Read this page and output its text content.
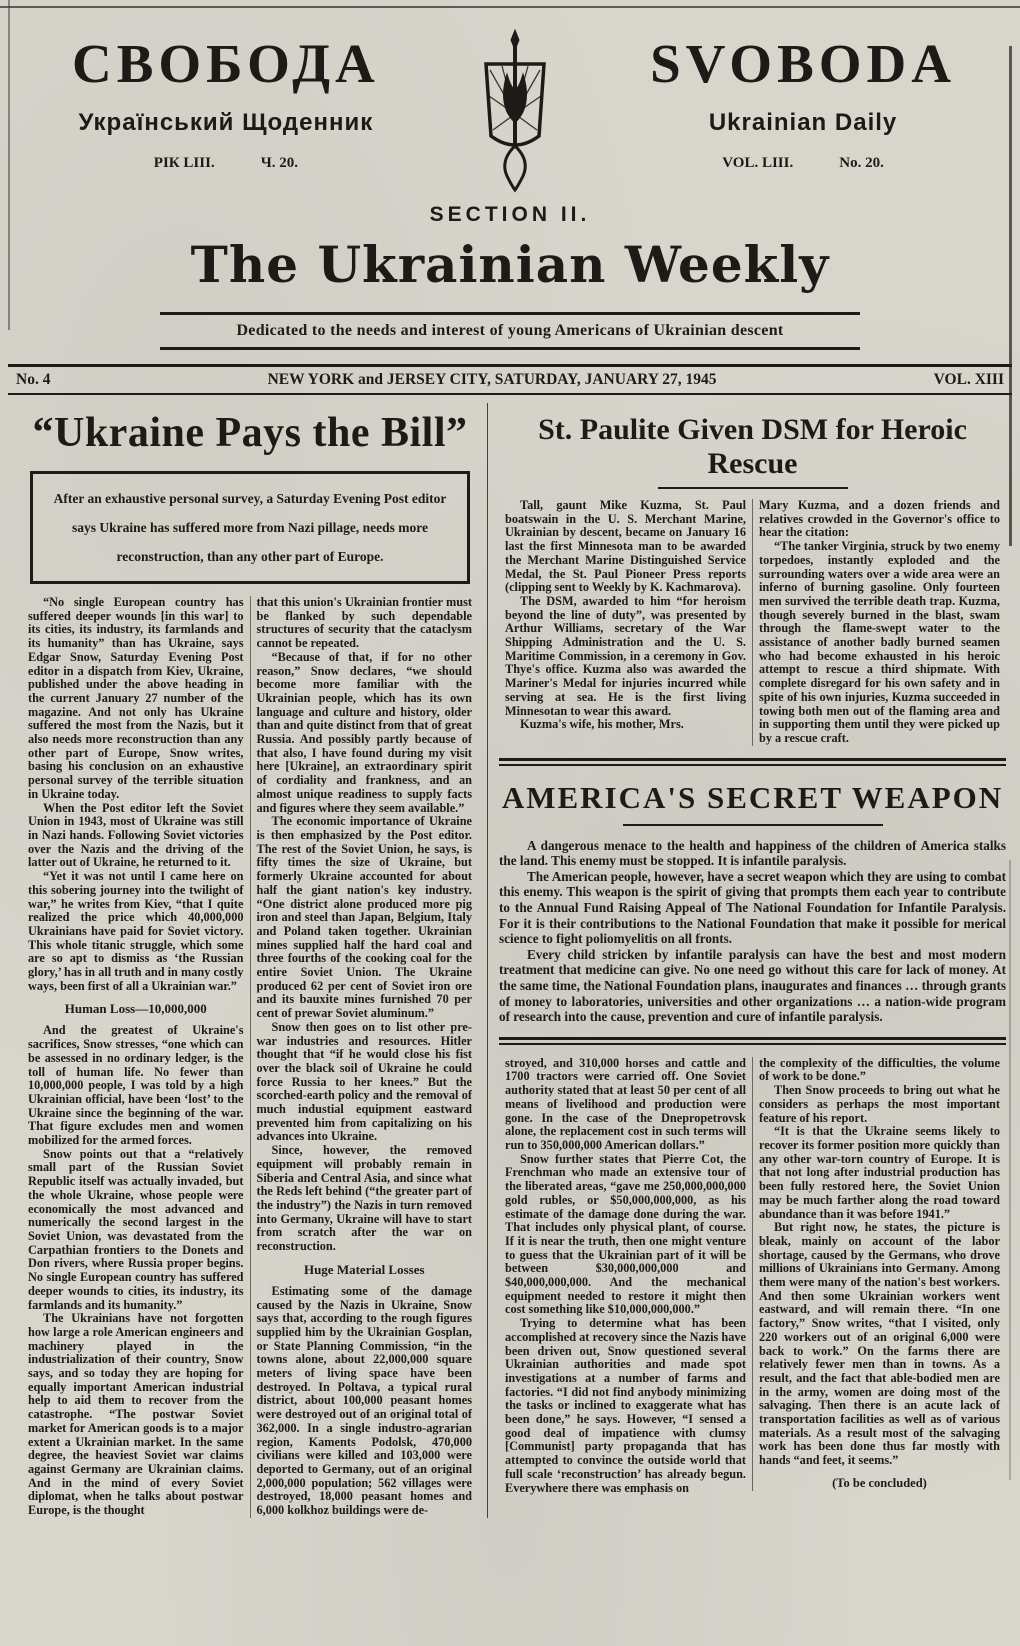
СВОБОДА
Український Щоденник
РІК LIII.	Ч. 20.
SVOBODA
Ukrainian Daily
VOL. LIII.	No. 20.
SECTION II.
The Ukrainian Weekly

Dedicated to the needs and interest of young Americans of Ukrainian descent

No. 4	NEW YORK and JERSEY CITY, SATURDAY, JANUARY 27, 1945	VOL. XIII
“Ukraine Pays the Bill”

After an exhaustive personal survey, a Saturday Evening Post editor says Ukraine has suffered more from Nazi pillage, needs more reconstruction, than any other part of Europe.

“No single European country has suffered deeper wounds [in this war] to its cities, its industry, its farmlands and its humanity” than has Ukraine, says Edgar Snow, Saturday Evening Post editor in a dispatch from Kiev, Ukraine, published under the above heading in the current January 27 number of the magazine. And not only has Ukraine suffered the most from the Nazis, but it also needs more reconstruction than any other part of Europe, Snow writes, basing his conclusion on an exhaustive personal survey of the terrible situation in Ukraine today.

When the Post editor left the Soviet Union in 1943, most of Ukraine was still in Nazi hands. Following Soviet victories over the Nazis and the driving of the latter out of Ukraine, he returned to it.

“Yet it was not until I came here on this sobering journey into the twilight of war,” he writes from Kiev, “that I quite realized the price which 40,000,000 Ukrainians have paid for Soviet victory. This whole titanic struggle, which some are so apt to dismiss as ‘the Russian glory,’ has in all truth and in many costly ways, been first of all a Ukrainian war.”

Human Loss—10,000,000

And the greatest of Ukraine's sacrifices, Snow stresses, “one which can be assessed in no ordinary ledger, is the toll of human life. No fewer than 10,000,000 people, I was told by a high Ukrainian official, have been ‘lost’ to the Ukraine since the beginning of the war. That figure excludes men and women mobilized for the armed forces.

Snow points out that a “relatively small part of the Russian Soviet Republic itself was actually invaded, but the whole Ukraine, whose people were economically the most advanced and numerically the second largest in the Soviet Union, was devastated from the Carpathian frontiers to the Donets and Don rivers, where Russia proper begins. No single European country has suffered deeper wounds to cities, its industry, its farmlands and its humanity.”

The Ukrainians have not forgotten how large a role American engineers and machinery played in the industrialization of their country, Snow says, and so today they are hoping for equally important American industrial help to aid them to recover from the catastrophe. “The postwar Soviet market for American goods is to a major extent a Ukrainian market. In the same degree, the heaviest Soviet war claims against Germany are Ukrainian claims. And in the mind of every Soviet diplomat, when he talks about postwar Europe, is the thought

that this union's Ukrainian frontier must be flanked by such dependable structures of security that the cataclysm cannot be repeated.

“Because of that, if for no other reason,” Snow declares, “we should become more familiar with the Ukrainian people, which has its own language and culture and history, older than and quite distinct from that of great Russia. And possibly partly because of that also, I have found during my visit here [Ukraine], an extraordinary spirit of cordiality and frankness, and an almost unique readiness to supply facts and figures where they seem available.”

The economic importance of Ukraine is then emphasized by the Post editor. The rest of the Soviet Union, he says, is fifty times the size of Ukraine, but formerly Ukraine accounted for about half the giant nation's key industry. “One district alone produced more pig iron and steel than Japan, Belgium, Italy and Poland taken together. Ukrainian mines supplied half the hard coal and three fourths of the cooking coal for the entire Soviet Union. The Ukraine produced 62 per cent of Soviet iron ore and its bauxite mines furnished 70 per cent of prewar Soviet aluminum.”

Snow then goes on to list other pre-war industries and resources. Hitler thought that “if he would close his fist over the black soil of Ukraine he could force Russia to her knees.” But the scorched-earth policy and the removal of much industial equipment eastward prevented him from capitalizing on his advances into Ukraine.

Since, however, the removed equipment will probably remain in Siberia and Central Asia, and since what the Reds left behind (“the greater part of the industry”) the Nazis in turn removed into Germany, Ukraine will have to start from scratch after the war on reconstruction.

Huge Material Losses

Estimating some of the damage caused by the Nazis in Ukraine, Snow says that, according to the rough figures supplied him by the Ukrainian Gosplan, or State Planning Commission, “in the towns alone, about 22,000,000 square meters of living space have been destroyed. In Poltava, a typical rural district, about 100,000 peasant homes were destroyed out of an original total of 362,000. In a single industro-agrarian region, Kaments Podolsk, 470,000 civilians were killed and 103,000 were deported to Germany, out of an original 2,000,000 population; 562 villages were destroyed, 18,000 peasant homes and 6,000 kolkhoz buildings were de-

St. Paulite Given DSM for Heroic Rescue

Tall, gaunt Mike Kuzma, St. Paul boatswain in the U. S. Merchant Marine, Ukrainian by descent, became on January 16 last the first Minnesota man to be awarded the Merchant Marine Distinguished Service Medal, the St. Paul Pioneer Press reports (clipping sent to Weekly by K. Kachmarova).

The DSM, awarded to him “for heroism beyond the line of duty”, was presented by Arthur Williams, secretary of the War Shipping Administration and the U. S. Maritime Commission, in a ceremony in Gov. Thye's office. Kuzma also was awarded the Mariner's Medal for injuries incurred while serving at sea. He is the first living Minnesotan to wear this award.

Kuzma's wife, his mother, Mrs.

Mary Kuzma, and a dozen friends and relatives crowded in the Governor's office to hear the citation:

“The tanker Virginia, struck by two enemy torpedoes, instantly exploded and the surrounding waters over a wide area were an inferno of burning gasoline. Only fourteen men survived the terrible death trap. Kuzma, though severely burned in the blast, swam through the flame-swept water to the assistance of another badly burned seamen who had become exhausted in his heroic attempt to rescue a third shipmate. With complete disregard for his own safety and in spite of his own injuries, Kuzma succeeded in towing both men out of the flaming area and in supporting them until they were picked up by a rescue craft.

AMERICA'S SECRET WEAPON

A dangerous menace to the health and happiness of the children of America stalks the land. This enemy must be stopped. It is infantile paralysis.

The American people, however, have a secret weapon which they are using to combat this enemy. This weapon is the spirit of giving that prompts them each year to contribute to the Annual Fund Raising Appeal of The National Foundation for Infantile Paralysis. For it is their contributions to the National Foundation that make it possible for merical science to fight poliomyelitis on all fronts.

Every child stricken by infantile paralysis can have the best and most modern treatment that medicine can give. No one need go without this care for lack of money. At the same time, the National Foundation plans, inaugurates and finances … through grants of money to laboratories, universities and other organizations … a nation-wide program of research into the cause, prevention and cure of infantile paralysis.

stroyed, and 310,000 horses and cattle and 1700 tractors were carried off. One Soviet authority stated that at least 50 per cent of all means of livelihood and production were gone. In the case of the Dnepropetrovsk alone, the replacement cost in such terms will run to 350,000,000 American dollars.”

Snow further states that Pierre Cot, the Frenchman who made an extensive tour of the liberated areas, “gave me 250,000,000,000 gold rubles, or $50,000,000,000, as his estimate of the damage done during the war. That includes only physical plant, of course. If it is near the truth, then one might venture to guess that the Ukrainian part of it will be between $30,000,000,000 and $40,000,000,000. And the mechanical equipment needed to restore it might then cost something like $10,000,000,000.”

Trying to determine what has been accomplished at recovery since the Nazis have been driven out, Snow questioned several Ukrainian authorities and made spot investigations at a number of farms and factories. “I did not find anybody minimizing the tasks or inclined to exaggerate what has been done,” he says. However, “I sensed a good deal of impatience with clumsy [Communist] party propaganda that has attempted to convince the outside world that full scale ‘reconstruction’ has already begun. Everywhere there was emphasis on

the complexity of the difficulties, the volume of work to be done.”

Then Snow proceeds to bring out what he considers as perhaps the most important feature of his report.

“It is that the Ukraine seems likely to recover its former position more quickly than any other war-torn country of Europe. It is that not long after industrial production has been fully restored here, the Soviet Union may be much farther along the road toward abundance than it was before 1941.”

But right now, he states, the picture is bleak, mainly on account of the labor shortage, caused by the Germans, who drove millions of Ukrainians into Germany. Among them were many of the nation's best workers. And then some Ukrainian workers went eastward, and will remain there. “In one factory,” Snow writes, “that I visited, only 220 workers out of an original 6,000 were back to work.” On the farms there are relatively fewer men than in towns. As a result, and the fact that able-bodied men are in the army, women are doing most of the salvaging. Then there is an acute lack of transportation facilities as well as of various materials. As a result most of the salvaging work has been done thus far mostly with hands “and feet, it seems.”

(To be concluded)
